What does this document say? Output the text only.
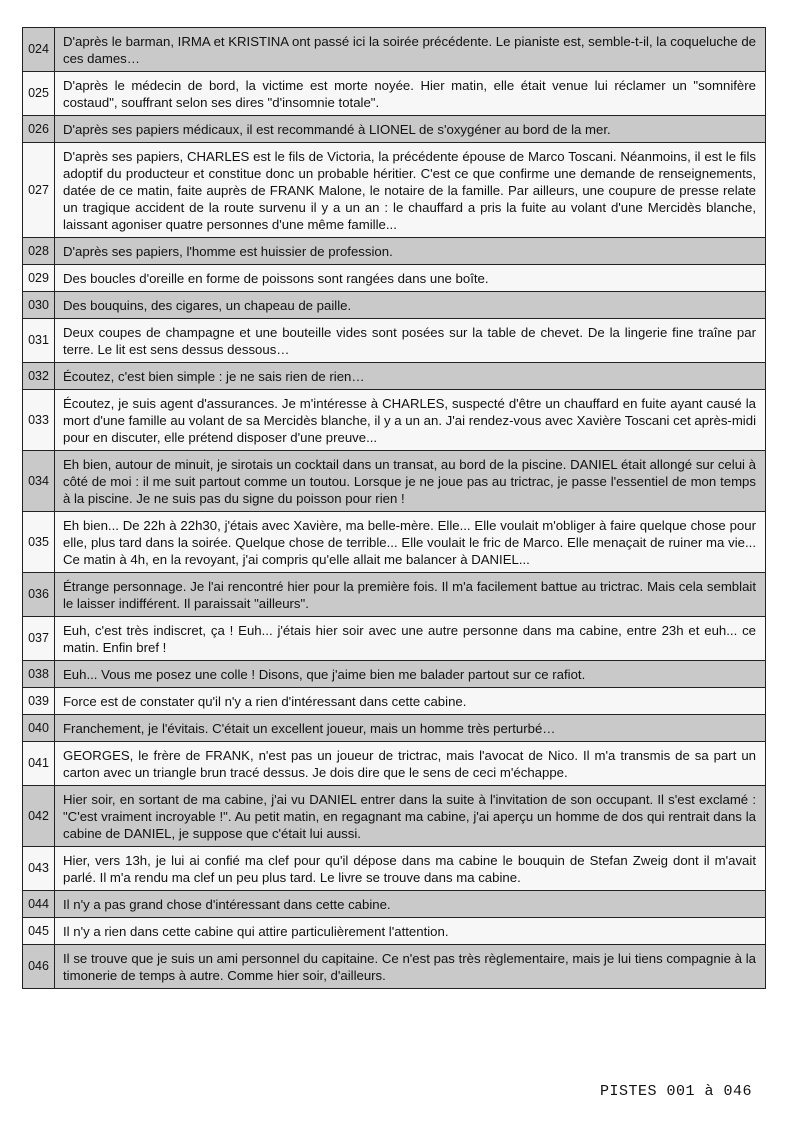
024	D'après le barman, IRMA et KRISTINA ont passé ici la soirée précédente. Le pianiste est, semble-t-il, la coqueluche de ces dames…
025	D'après le médecin de bord, la victime est morte noyée. Hier matin, elle était venue lui réclamer un "somnifère costaud", souffrant selon ses dires "d'insomnie totale".
026	D'après ses papiers médicaux, il est recommandé à LIONEL de s'oxygéner au bord de la mer.
027	D'après ses papiers, CHARLES est le fils de Victoria, la précédente épouse de Marco Toscani. Néanmoins, il est le fils adoptif du producteur et constitue donc un probable héritier. C'est ce que confirme une demande de renseignements, datée de ce matin, faite auprès de FRANK Malone, le notaire de la famille. Par ailleurs, une coupure de presse relate un tragique accident de la route survenu il y a un an : le chauffard a pris la fuite au volant d'une Mercidès blanche, laissant agoniser quatre personnes d'une même famille...
028	D'après ses papiers, l'homme est huissier de profession.
029	Des boucles d'oreille en forme de poissons sont rangées dans une boîte.
030	Des bouquins, des cigares, un chapeau de paille.
031	Deux coupes de champagne et une bouteille vides sont posées sur la table de chevet. De la lingerie fine traîne par terre. Le lit est sens dessus dessous…
032	Écoutez, c'est bien simple : je ne sais rien de rien…
033	Écoutez, je suis agent d'assurances. Je m'intéresse à CHARLES, suspecté d'être un chauffard en fuite ayant causé la mort d'une famille au volant de sa Mercidès blanche, il y a un an. J'ai rendez-vous avec Xavière Toscani cet après-midi pour en discuter, elle prétend disposer d'une preuve...
034	Eh bien, autour de minuit, je sirotais un cocktail dans un transat, au bord de la piscine. DANIEL était allongé sur celui à côté de moi : il me suit partout comme un toutou. Lorsque je ne joue pas au trictrac, je passe l'essentiel de mon temps à la piscine. Je ne suis pas du signe du poisson pour rien !
035	Eh bien... De 22h à 22h30, j'étais avec Xavière, ma belle-mère. Elle... Elle voulait m'obliger à faire quelque chose pour elle, plus tard dans la soirée. Quelque chose de terrible... Elle voulait le fric de Marco. Elle menaçait de ruiner ma vie... Ce matin à 4h, en la revoyant, j'ai compris qu'elle allait me balancer à DANIEL...
036	Étrange personnage. Je l'ai rencontré hier pour la première fois. Il m'a facilement battue au trictrac. Mais cela semblait le laisser indifférent. Il paraissait "ailleurs".
037	Euh, c'est très indiscret, ça ! Euh... j'étais hier soir avec une autre personne dans ma cabine, entre 23h et euh... ce matin. Enfin bref !
038	Euh... Vous me posez une colle ! Disons, que j'aime bien me balader partout sur ce rafiot.
039	Force est de constater qu'il n'y a rien d'intéressant dans cette cabine.
040	Franchement, je l'évitais. C'était un excellent joueur, mais un homme très perturbé…
041	GEORGES, le frère de FRANK, n'est pas un joueur de trictrac, mais l'avocat de Nico. Il m'a transmis de sa part un carton avec un triangle brun tracé dessus. Je dois dire que le sens de ceci m'échappe.
042	Hier soir, en sortant de ma cabine, j'ai vu DANIEL entrer dans la suite à l'invitation de son occupant. Il s'est exclamé : "C'est vraiment incroyable !". Au petit matin, en regagnant ma cabine, j'ai aperçu un homme de dos qui rentrait dans la cabine de DANIEL, je suppose que c'était lui aussi.
043	Hier, vers 13h, je lui ai confié ma clef pour qu'il dépose dans ma cabine le bouquin de Stefan Zweig dont il m'avait parlé. Il m'a rendu ma clef un peu plus tard. Le livre se trouve dans ma cabine.
044	Il n'y a pas grand chose d'intéressant dans cette cabine.
045	Il n'y a rien dans cette cabine qui attire particulièrement l'attention.
046	Il se trouve que je suis un ami personnel du capitaine. Ce n'est pas très règlementaire, mais je lui tiens compagnie à la timonerie de temps à autre. Comme hier soir, d'ailleurs.
PISTES 001 à 046
